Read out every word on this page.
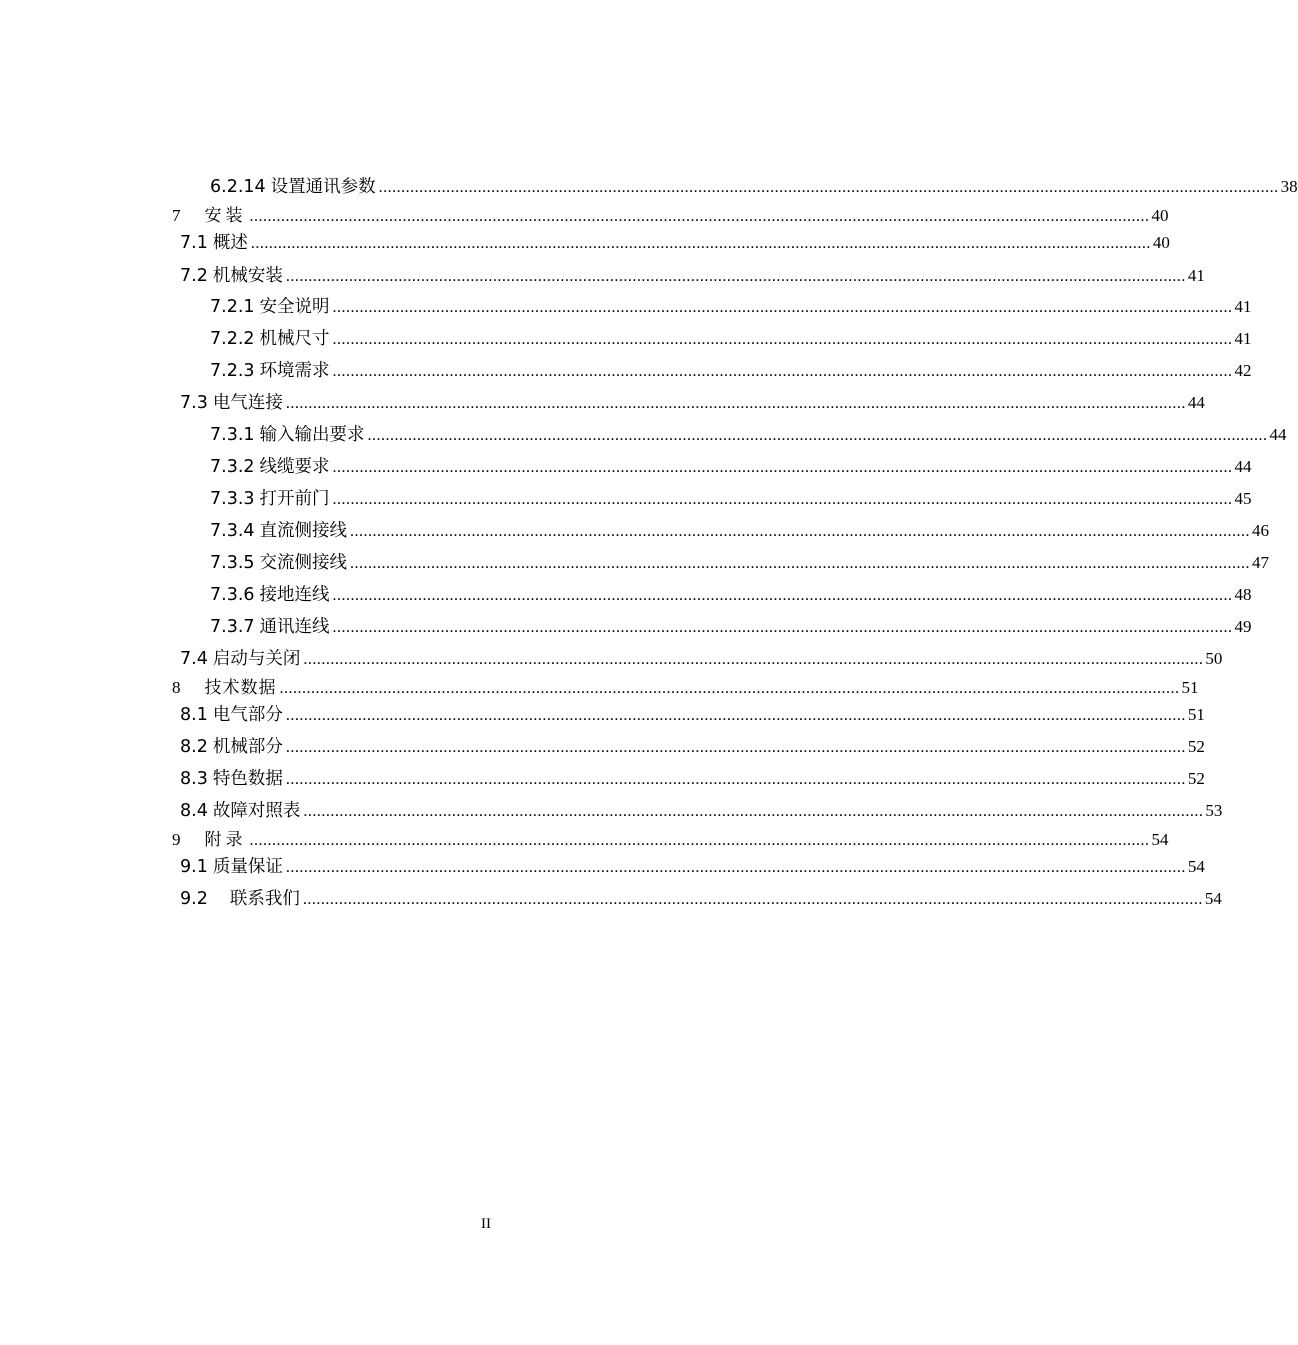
6.2.14 设置通讯参数 ........................................................................................................................................................................................................ 38
7 安装 ........................................................................................................................................................................................................ 40
7.1 概述 ........................................................................................................................................................................................................ 40
7.2 机械安装 ........................................................................................................................................................................................................ 41
7.2.1 安全说明 ........................................................................................................................................................................................................ 41
7.2.2 机械尺寸 ........................................................................................................................................................................................................ 41
7.2.3 环境需求 ........................................................................................................................................................................................................ 42
7.3 电气连接 ........................................................................................................................................................................................................ 44
7.3.1 输入输出要求 ........................................................................................................................................................................................................ 44
7.3.2 线缆要求 ........................................................................................................................................................................................................ 44
7.3.3 打开前门 ........................................................................................................................................................................................................ 45
7.3.4 直流侧接线 ........................................................................................................................................................................................................ 46
7.3.5 交流侧接线 ........................................................................................................................................................................................................ 47
7.3.6 接地连线 ........................................................................................................................................................................................................ 48
7.3.7 通讯连线 ........................................................................................................................................................................................................ 49
7.4 启动与关闭 ........................................................................................................................................................................................................ 50
8 技术数据 ........................................................................................................................................................................................................ 51
8.1 电气部分 ........................................................................................................................................................................................................ 51
8.2 机械部分 ........................................................................................................................................................................................................ 52
8.3 特色数据 ........................................................................................................................................................................................................ 52
8.4 故障对照表 ........................................................................................................................................................................................................ 53
9 附录 ........................................................................................................................................................................................................ 54
9.1 质量保证 ........................................................................................................................................................................................................ 54
9.2 联系我们 ........................................................................................................................................................................................................ 54
II
